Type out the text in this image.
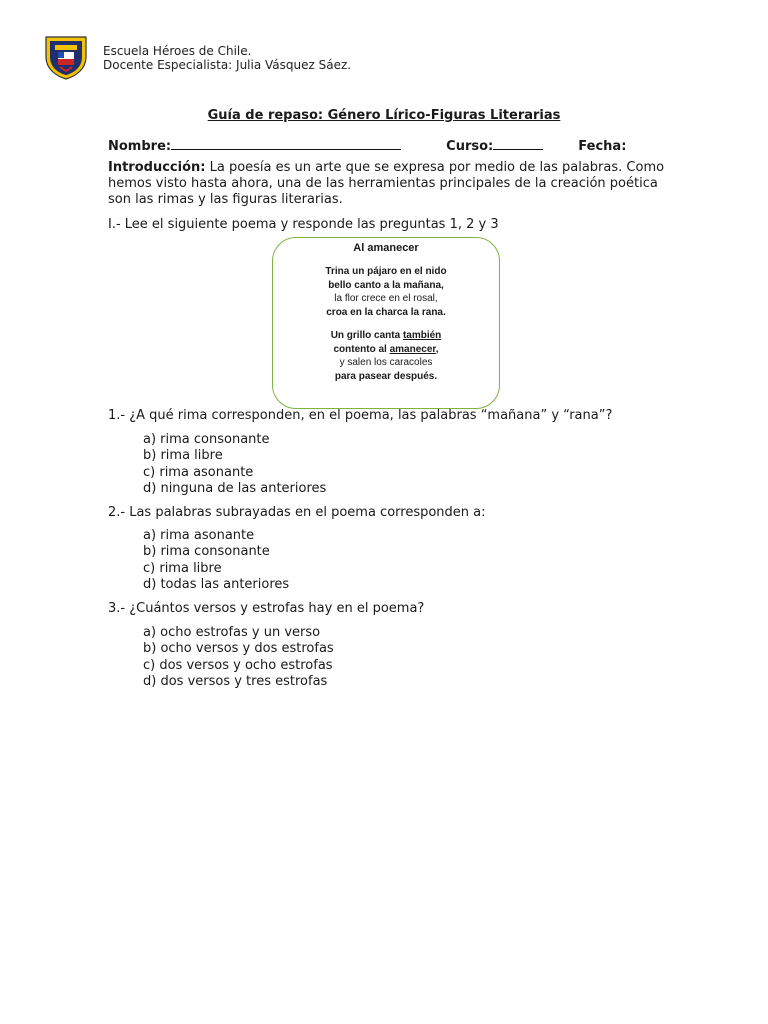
Escuela Héroes de Chile.
Docente Especialista: Julia Vásquez Sáez.
Guía de repaso: Género Lírico-Figuras Literarias
Nombre:	Curso:	Fecha:
Introducción: La poesía es un arte que se expresa por medio de las palabras. Como hemos visto hasta ahora, una de las herramientas principales de la creación poética son las rimas y las figuras literarias.
I.- Lee el siguiente poema y responde las preguntas 1, 2 y 3
Al amanecer
Trina un pájaro en el nido
bello canto a la mañana,
la flor crece en el rosal,
croa en la charca la rana.
Un grillo canta también
contento al amanecer,
y salen los caracoles
para pasear después.
1.- ¿A qué rima corresponden, en el poema, las palabras “mañana” y “rana”?
a) rima consonante
b) rima libre
c) rima asonante
d) ninguna de las anteriores
2.- Las palabras subrayadas en el poema corresponden a:
a) rima asonante
b) rima consonante
c) rima libre
d) todas las anteriores
3.- ¿Cuántos versos y estrofas hay en el poema?
a) ocho estrofas y un verso
b) ocho versos y dos estrofas
c) dos versos y ocho estrofas
d) dos versos y tres estrofas
